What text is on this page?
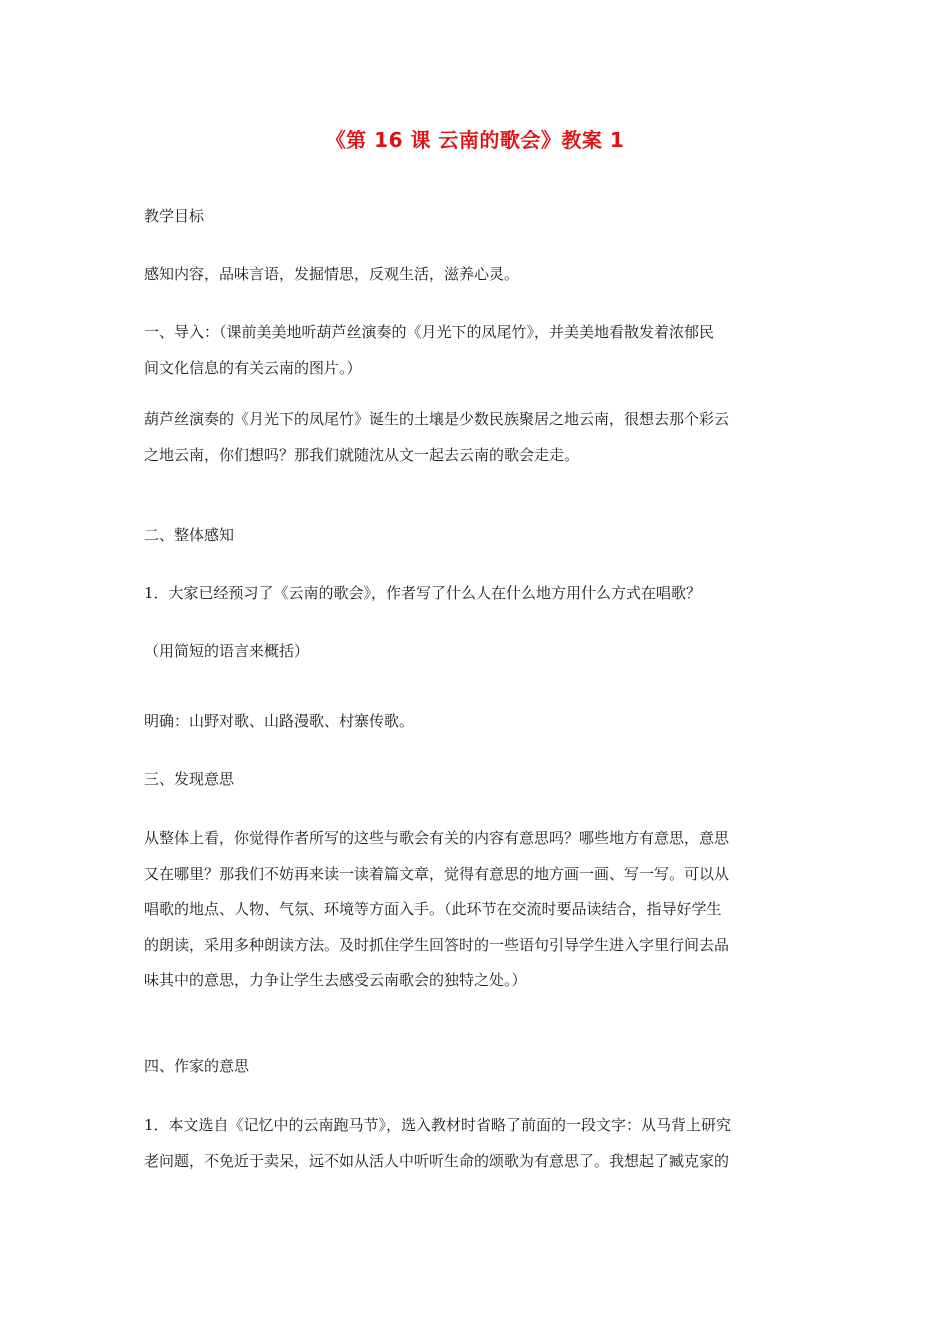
《第 16 课 云南的歌会》教案 1

教学目标

感知内容，品味言语，发掘情思，反观生活，滋养心灵。

一、导入：（课前美美地听葫芦丝演奏的《月光下的凤尾竹》，并美美地看散发着浓郁民
间文化信息的有关云南的图片。）

葫芦丝演奏的《月光下的凤尾竹》诞生的土壤是少数民族聚居之地云南，很想去那个彩云
之地云南，你们想吗？那我们就随沈从文一起去云南的歌会走走。

二、整体感知

1．大家已经预习了《云南的歌会》，作者写了什么人在什么地方用什么方式在唱歌？

（用简短的语言来概括）

明确：山野对歌、山路漫歌、村寨传歌。

三、发现意思

从整体上看，你觉得作者所写的这些与歌会有关的内容有意思吗？哪些地方有意思，意思
又在哪里？那我们不妨再来读一读着篇文章，觉得有意思的地方画一画、写一写。可以从
唱歌的地点、人物、气氛、环境等方面入手。（此环节在交流时要品读结合，指导好学生
的朗读，采用多种朗读方法。及时抓住学生回答时的一些语句引导学生进入字里行间去品
味其中的意思，力争让学生去感受云南歌会的独特之处。）

四、作家的意思

1．本文选自《记忆中的云南跑马节》，选入教材时省略了前面的一段文字：从马背上研究
老问题，不免近于卖呆，远不如从活人中听听生命的颂歌为有意思了。我想起了臧克家的
